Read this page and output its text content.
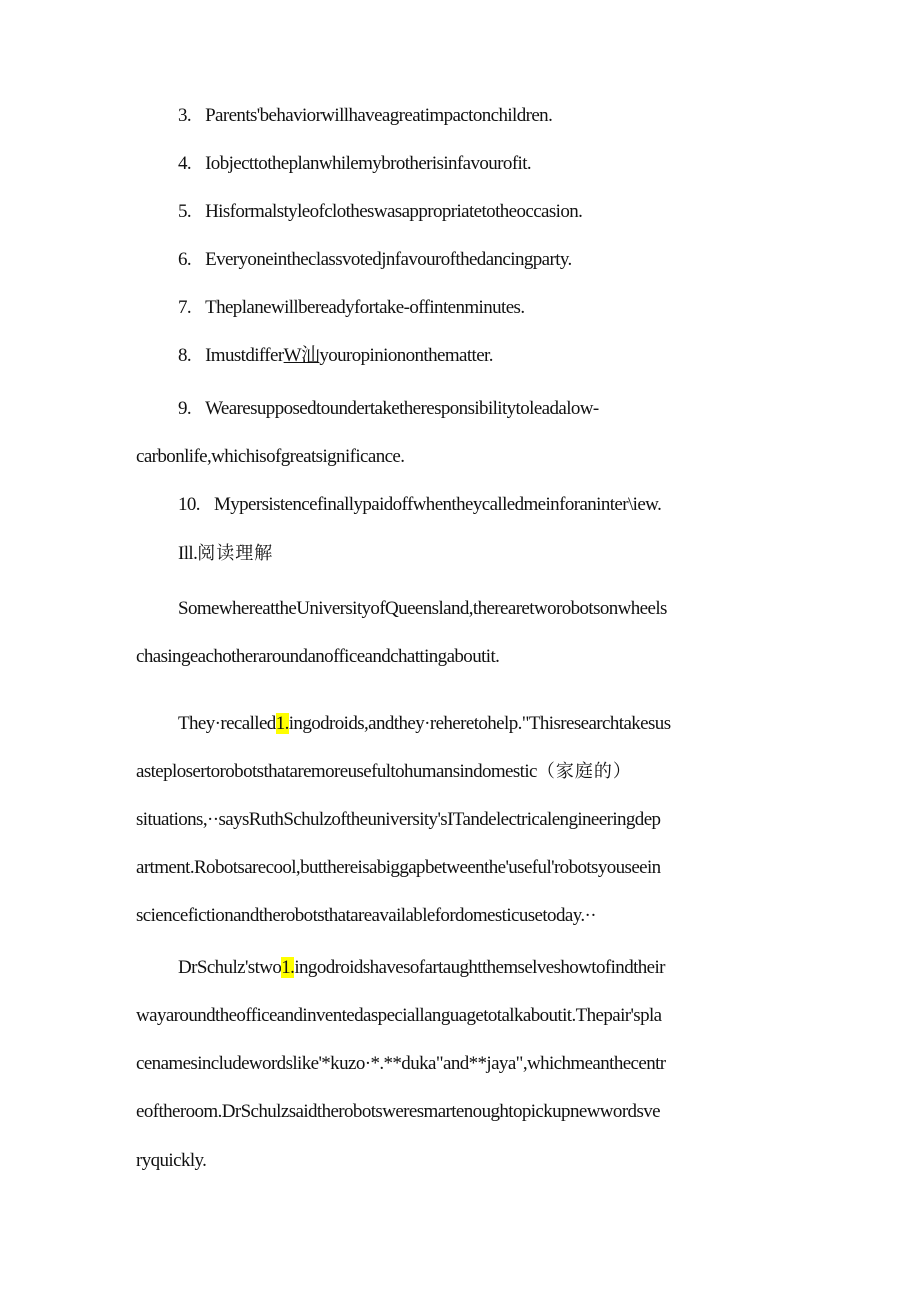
3. Parents'behaviorwillhaveagreatimpactonchildren.
4. Iobjecttotheplanwhilemybrotherisinfavourofit.
5. Hisformalstyleofclotheswasappropriatetotheoccasion.
6. Everyoneintheclassvotedjnfavourofthedancingparty.
7. Theplanewillbereadyfortake-offintenminutes.
8. ImustdifferW汕youropinionon​thematter.
9. Wearesupposedtoundertaketheresponsibilitytoleadalow-
carbonlife,whichisofgreatsignificance.
10. Mypersistencefinallypaidoffwhentheycalledmeinforaninter\iew.
Ill.阅读理解
SomewhereattheUniversityofQueensland,therearetworobotsonwheels
chasingeachotheraroundanofficeandchattingaboutit.
They·recalled1.ingodroids,andthey·reheretohelp."Thisresearchtakesus
asteplosertorobotsthataremoreusefultohumansindomestic（家庭的）
situations,··saysRuthSchulzoftheuniversity'sITandelectricalengineeringdep
artment.Robotsarecool,butthereisabiggapbetweenthe'useful'robotsyouseein
sciencefictionandtherobotsthatareavailablefordomesticusetoday.··
DrSchulz'stwo1.ingodroidshavesofartaughtthemselveshowtofindtheir
wayaroundtheofficeandinventedaspeciallanguagetotalkaboutit.Thepair'spla
cenamesincludewordslike'*kuzo·*.**duka"and**jaya",whichmeanthecentr
eoftheroom.DrSchulzsaidtherobotsweresmartenoughtopickupnewwordsve
ryquickly.
